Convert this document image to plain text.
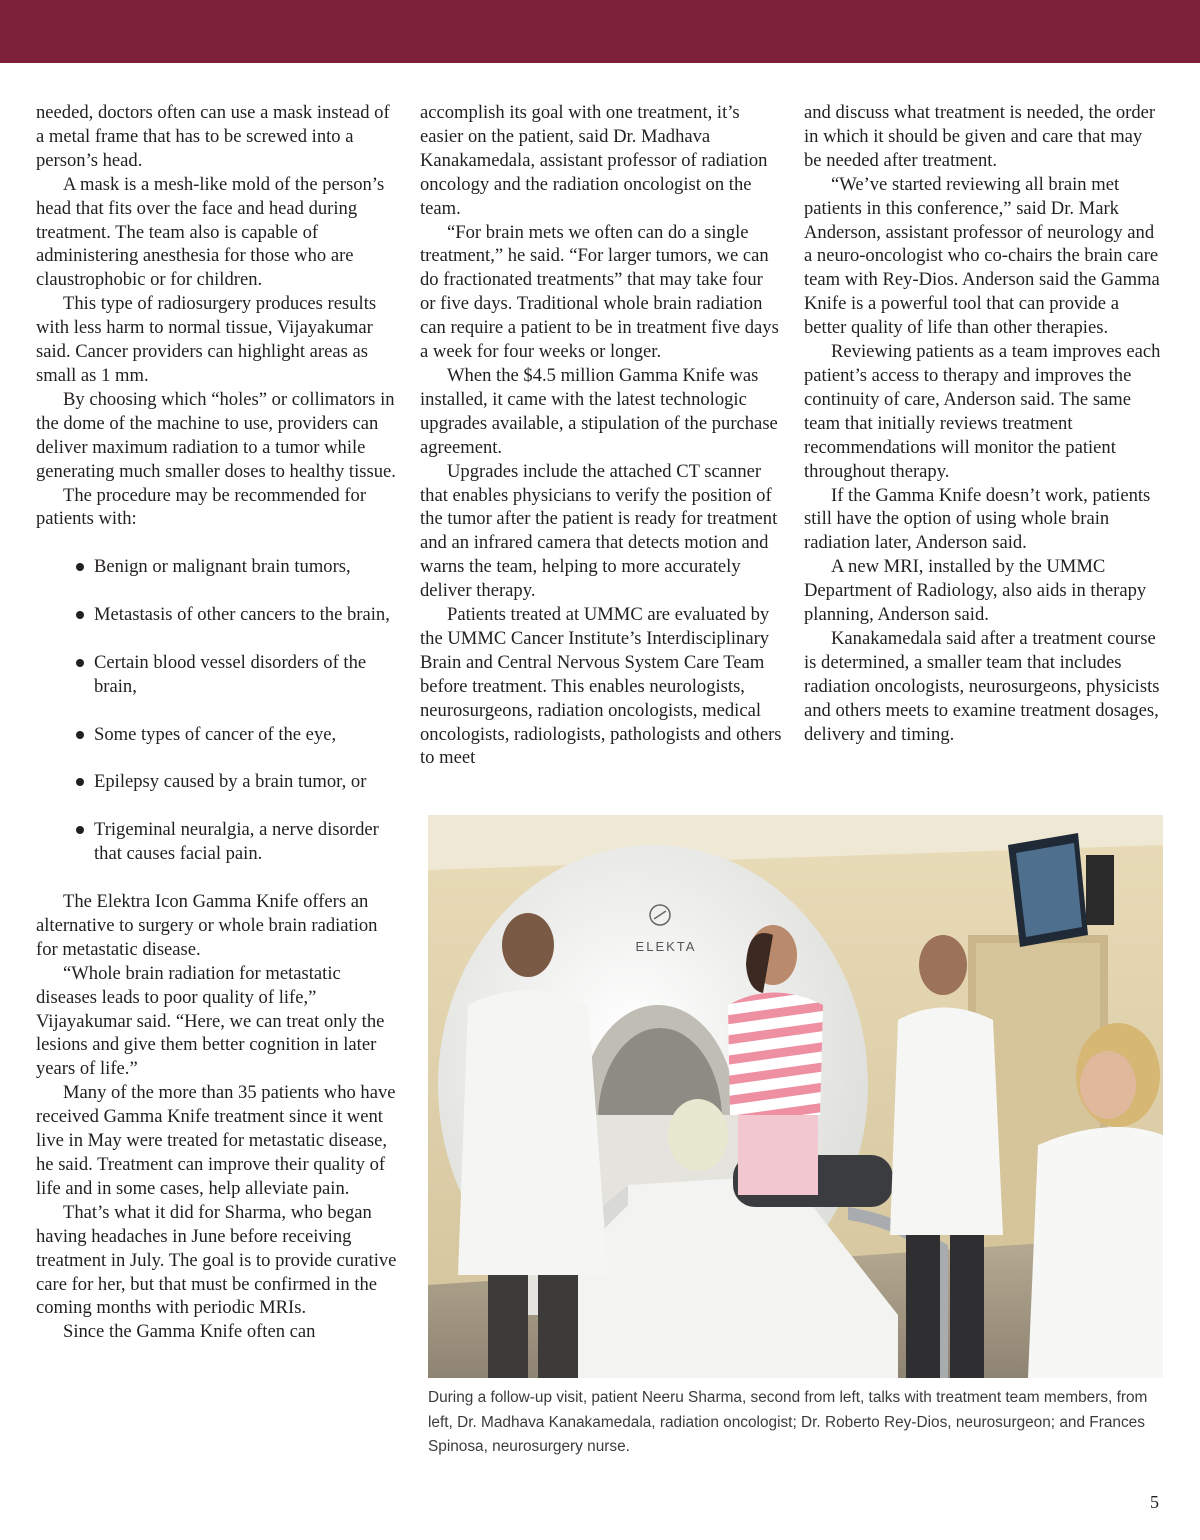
needed, doctors often can use a mask instead of a metal frame that has to be screwed into a person’s head.

A mask is a mesh-like mold of the person’s head that fits over the face and head during treatment. The team also is capable of administering anesthesia for those who are claustrophobic or for children.

This type of radiosurgery produces results with less harm to normal tissue, Vijayakumar said. Cancer providers can highlight areas as small as 1 mm.

By choosing which “holes” or collimators in the dome of the machine to use, providers can deliver maximum radiation to a tumor while generating much smaller doses to healthy tissue.

The procedure may be recommended for patients with:

Benign or malignant brain tumors,
Metastasis of other cancers to the brain,
Certain blood vessel disorders of the brain,
Some types of cancer of the eye,
Epilepsy caused by a brain tumor, or
Trigeminal neuralgia, a nerve disorder that causes facial pain.

The Elektra Icon Gamma Knife offers an alternative to surgery or whole brain radiation for metastatic disease.

“Whole brain radiation for metastatic diseases leads to poor quality of life,” Vijayakumar said. “Here, we can treat only the lesions and give them better cognition in later years of life.”

Many of the more than 35 patients who have received Gamma Knife treatment since it went live in May were treated for metastatic disease, he said. Treatment can improve their quality of life and in some cases, help alleviate pain.

That’s what it did for Sharma, who began having headaches in June before receiving treatment in July. The goal is to provide curative care for her, but that must be confirmed in the coming months with periodic MRIs.

Since the Gamma Knife often can

accomplish its goal with one treatment, it’s easier on the patient, said Dr. Madhava Kanakamedala, assistant professor of radiation oncology and the radiation oncologist on the team.

“For brain mets we often can do a single treatment,” he said. “For larger tumors, we can do fractionated treatments” that may take four or five days. Traditional whole brain radiation can require a patient to be in treatment five days a week for four weeks or longer.

When the $4.5 million Gamma Knife was installed, it came with the latest technologic upgrades available, a stipulation of the purchase agreement.

Upgrades include the attached CT scanner that enables physicians to verify the position of the tumor after the patient is ready for treatment and an infrared camera that detects motion and warns the team, helping to more accurately deliver therapy.

Patients treated at UMMC are evaluated by the UMMC Cancer Institute’s Interdisciplinary Brain and Central Nervous System Care Team before treatment. This enables neurologists, neurosurgeons, radiation oncologists, medical oncologists, radiologists, pathologists and others to meet

and discuss what treatment is needed, the order in which it should be given and care that may be needed after treatment.

“We’ve started reviewing all brain met patients in this conference,” said Dr. Mark Anderson, assistant professor of neurology and a neuro-oncologist who co-chairs the brain care team with Rey-Dios. Anderson said the Gamma Knife is a powerful tool that can provide a better quality of life than other therapies.

Reviewing patients as a team improves each patient’s access to therapy and improves the continuity of care, Anderson said. The same team that initially reviews treatment recommendations will monitor the patient throughout therapy.

If the Gamma Knife doesn’t work, patients still have the option of using whole brain radiation later, Anderson said.

A new MRI, installed by the UMMC Department of Radiology, also aids in therapy planning, Anderson said.

Kanakamedala said after a treatment course is determined, a smaller team that includes radiation oncologists, neurosurgeons, physicists and others meets to examine treatment dosages, delivery and timing.

ELEKTA
During a follow-up visit, patient Neeru Sharma, second from left, talks with treatment team members, from left, Dr. Madhava Kanakamedala, radiation oncologist; Dr. Roberto Rey-Dios, neurosurgeon; and Frances Spinosa, neurosurgery nurse.
5
